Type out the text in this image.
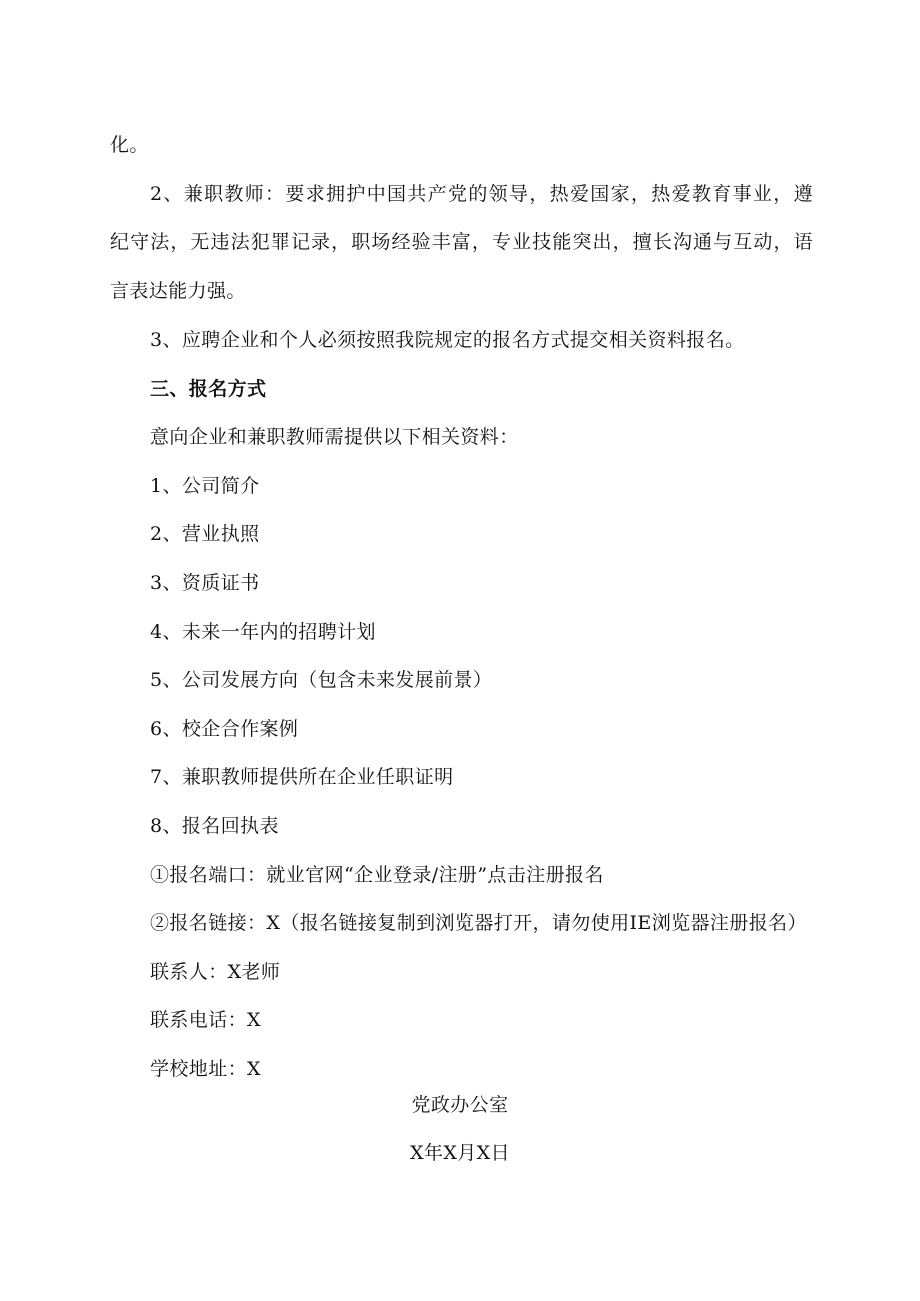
化。
2、兼职教师：要求拥护中国共产党的领导，热爱国家，热爱教育事业，遵
纪守法，无违法犯罪记录，职场经验丰富，专业技能突出，擅长沟通与互动，语
言表达能力强。
3、应聘企业和个人必须按照我院规定的报名方式提交相关资料报名。
三、报名方式
意向企业和兼职教师需提供以下相关资料：
1、公司简介
2、营业执照
3、资质证书
4、未来一年内的招聘计划
5、公司发展方向（包含未来发展前景）
6、校企合作案例
7、兼职教师提供所在企业任职证明
8、报名回执表
①报名端口：就业官网“企业登录/注册”点击注册报名
②报名链接：X（报名链接复制到浏览器打开，请勿使用IE浏览器注册报名）
联系人：X老师
联系电话：X
学校地址：X
党政办公室
X年X月X日
